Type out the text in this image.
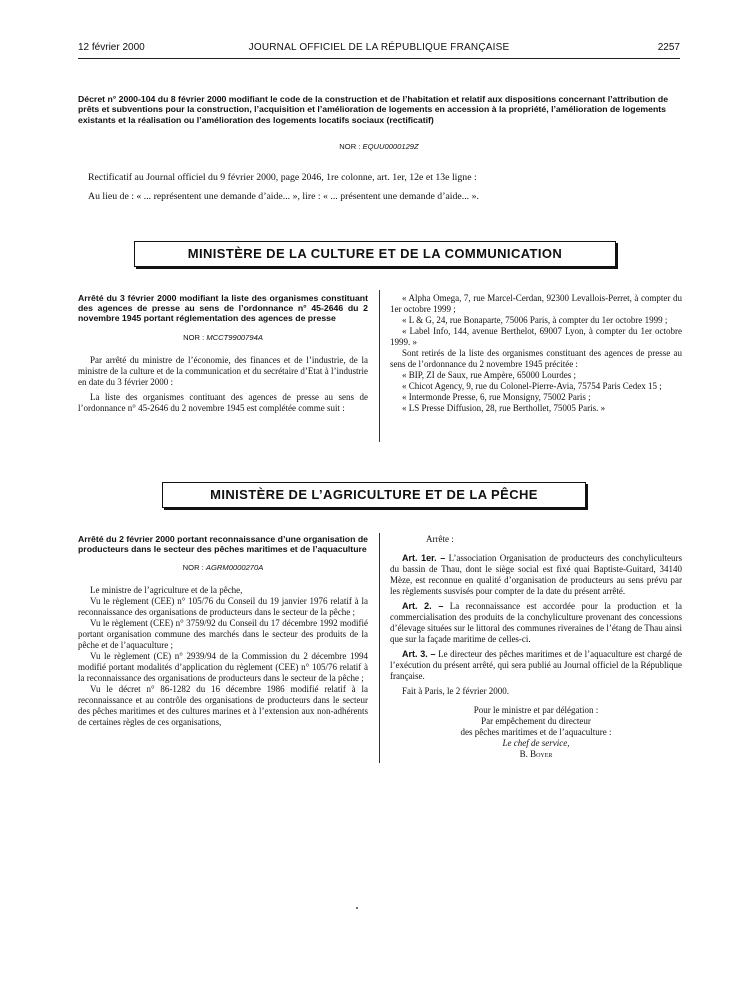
12 février 2000	JOURNAL OFFICIEL DE LA RÉPUBLIQUE FRANÇAISE	2257
Décret n° 2000-104 du 8 février 2000 modifiant le code de la construction et de l’habitation et relatif aux dispositions concernant l’attribution de prêts et subventions pour la construction, l’acquisition et l’amélioration de logements en accession à la propriété, l’amélioration de logements existants et la réalisation ou l’amélioration des logements locatifs sociaux (rectificatif)
NOR : EQUU0000129Z

Rectificatif au Journal officiel du 9 février 2000, page 2046, 1re colonne, art. 1er, 12e et 13e ligne :

Au lieu de : « ... représentent une demande d’aide... », lire : « ... présentent une demande d’aide... ».

MINISTÈRE DE LA CULTURE ET DE LA COMMUNICATION

Arrêté du 3 février 2000 modifiant la liste des organismes constituant des agences de presse au sens de l’ordonnance n° 45-2646 du 2 novembre 1945 portant réglementation des agences de presse

NOR : MCCT9900794A

Par arrêté du ministre de l’économie, des finances et de l’industrie, de la ministre de la culture et de la communication et du secrétaire d’Etat à l’industrie en date du 3 février 2000 :

La liste des organismes contituant des agences de presse au sens de l’ordonnance n° 45-2646 du 2 novembre 1945 est complétée comme suit :

« Alpha Omega, 7, rue Marcel-Cerdan, 92300 Levallois-Perret, à compter du 1er octobre 1999 ;

« L & G, 24, rue Bonaparte, 75006 Paris, à compter du 1er octobre 1999 ;

« Label Info, 144, avenue Berthelot, 69007 Lyon, à compter du 1er octobre 1999. »

Sont retirés de la liste des organismes constituant des agences de presse au sens de l’ordonnance du 2 novembre 1945 précitée :

« BIP, ZI de Saux, rue Ampère, 65000 Lourdes ;

« Chicot Agency, 9, rue du Colonel-Pierre-Avia, 75754 Paris Cedex 15 ;

« Intermonde Presse, 6, rue Monsigny, 75002 Paris ;

« LS Presse Diffusion, 28, rue Berthollet, 75005 Paris. »

MINISTÈRE DE L’AGRICULTURE ET DE LA PÊCHE

Arrêté du 2 février 2000 portant reconnaissance d’une organisation de producteurs dans le secteur des pêches maritimes et de l’aquaculture

NOR : AGRM0000270A

Le ministre de l’agriculture et de la pêche,

Vu le règlement (CEE) n° 105/76 du Conseil du 19 janvier 1976 relatif à la reconnaissance des organisations de producteurs dans le secteur de la pêche ;

Vu le règlement (CEE) n° 3759/92 du Conseil du 17 décembre 1992 modifié portant organisation commune des marchés dans le secteur des produits de la pêche et de l’aquaculture ;

Vu le règlement (CE) n° 2939/94 de la Commission du 2 décembre 1994 modifié portant modalités d’application du règlement (CEE) n° 105/76 relatif à la reconnaissance des organisations de producteurs dans le secteur de la pêche ;

Vu le décret n° 86-1282 du 16 décembre 1986 modifié relatif à la reconnaissance et au contrôle des organisations de producteurs dans le secteur des pêches maritimes et des cultures marines et à l’extension aux non-adhérents de certaines règles de ces organisations,

Arrête :

Art. 1er. – L’association Organisation de producteurs des conchyliculteurs du bassin de Thau, dont le siège social est fixé quai Baptiste-Guitard, 34140 Mèze, est reconnue en qualité d’organisation de producteurs au sens prévu par les règlements susvisés pour compter de la date du présent arrêté.

Art. 2. – La reconnaissance est accordée pour la production et la commercialisation des produits de la conchyliculture provenant des concessions d’élevage situées sur le littoral des communes riveraines de l’étang de Thau ainsi que sur la façade maritime de celles-ci.

Art. 3. – Le directeur des pêches maritimes et de l’aquaculture est chargé de l’exécution du présent arrêté, qui sera publié au Journal officiel de la République française.

Fait à Paris, le 2 février 2000.

Pour le ministre et par délégation :

Par empêchement du directeur

des pêches maritimes et de l’aquaculture :

Le chef de service,

B. Boyer
